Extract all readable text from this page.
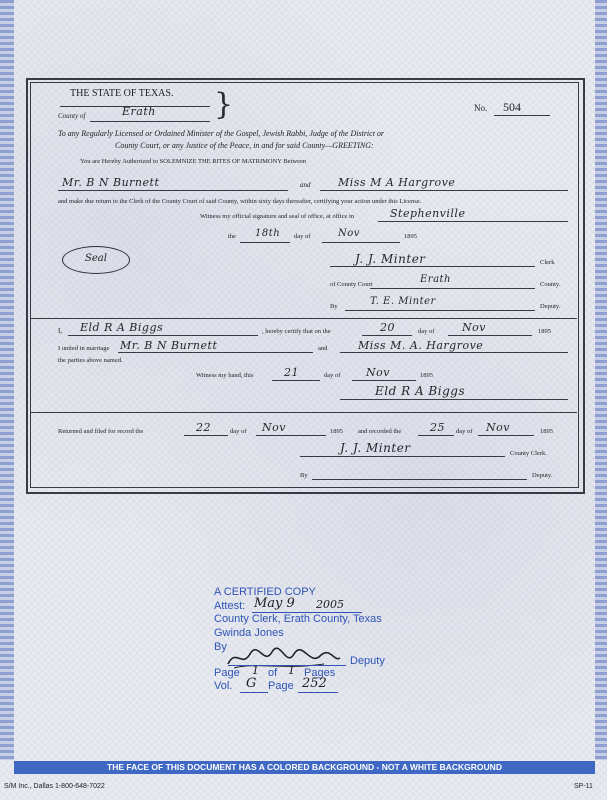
THE STATE OF TEXAS.
County of	Erath }	No. 504
To any Regularly Licensed or Ordained Minister of the Gospel, Jewish Rabbi, Judge of the District or
County Court, or any Justice of the Peace, in and for said County—GREETING:
You are Hereby Authorized to SOLEMNIZE THE RITES OF MATRIMONY Between
Mr. B N Burnett	and	Miss M A Hargrove
and make due return to the Clerk of the County Court of said County, within sixty days thereafter, certifying your action under this License.
Witness my official signature and seal of office, at office in	Stephenville
the 18th day of	Nov	1895
Seal	J. J. Minter	Clerk
of County Court	Erath	County.
By	T. E. Minter	Deputy.
I, Eld R A Biggs	, hereby certify that on the	20	day of	Nov	1895
I united in marriage Mr. B N Burnett	and	Miss M. A. Hargrove
the parties above named.
Witness my hand, this	21	day of Nov	1895
Eld R A Biggs
Returned and filed for record the	22	day of Nov	1895 and recorded the	25 day of Nov	1895
J. J. Minter	County Clerk.
By	Deputy.
A CERTIFIED COPY
Attest: May 9 2005
County Clerk, Erath County, Texas
Gwinda Jones
By
Deputy
Page 1 of 1 Pages
Vol. G Page 252
THE FACE OF THIS DOCUMENT HAS A COLORED BACKGROUND - NOT A WHITE BACKGROUND
S/M Inc., Dallas 1-800-648-7022	SP-11
